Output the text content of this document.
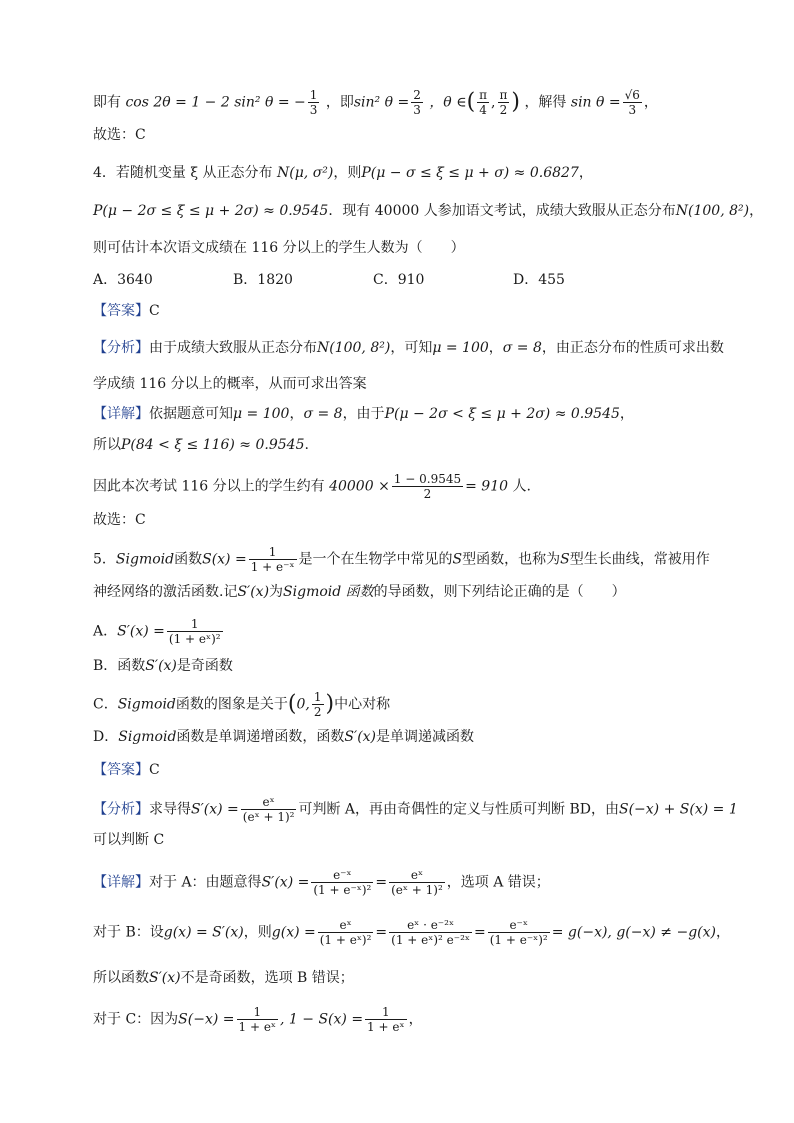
即有 cos 2θ = 1 − 2 sin² θ = − $\frac{1}{3}$ ，即sin² $\theta = \frac{2}{3}$ ，θ ∈( $\frac{\pi}{4}$ , $\frac{\pi}{2}$ ) ，解得 $\sin \theta = \frac{√6}{3}$ ，
故选：C
4．若随机变量 ξ 从正态分布 N(μ, σ²)，则P(μ − σ ≤ ξ ≤ μ + σ) ≈ 0.6827，
P(μ − 2σ ≤ ξ ≤ μ + 2σ) ≈ 0.9545．现有 40000 人参加语文考试，成绩大致服从正态分布N(100, 8²)，
则可估计本次语文成绩在 116 分以上的学生人数为（　　）
A．3640	B．1820	C．910	D．455
【答案】C
【分析】由于成绩大致服从正态分布N(100, 8²)，可知μ = 100，σ = 8，由正态分布的性质可求出数
学成绩 116 分以上的概率，从而可求出答案
【详解】依据题意可知μ = 100，σ = 8，由于P(μ − 2σ < ξ ≤ μ + 2σ) ≈ 0.9545，
所以P(84 < ξ ≤ 116) ≈ 0.9545.
因此本次考试 116 分以上的学生约有 $40000 \times \frac{1 - 0.9545}{2} = 910$ 人.
故选：C
5．Sigmoid函数$S(x) = \frac{1}{\text{1 + e⁻ˣ}}$ 是一个在生物学中常见的S型函数，也称为S型生长曲线，常被用作
神经网络的激活函数.记S′(x)为Sigmoid 函数的导函数，则下列结论正确的是（　　）
A．$S'(x) = \frac{1}{\text{(1 + eˣ)²}}$
B．函数S′(x)是奇函数
C．Sigmoid函数的图象是关于(0, $\frac{1}{2}$ )中心对称
D．Sigmoid函数是单调递增函数，函数S′(x)是单调递减函数
【答案】C
【分析】求导得$S'(x) = \frac{\text{eˣ}}{\text{(eˣ + 1)²}}$ 可判断 A，再由奇偶性的定义与性质可判断 BD，由S(−x) + S(x) = 1
可以判断 C
【详解】对于 A：由题意得$S'(x) = \frac{\text{e⁻ˣ}}{\text{(1 + e⁻ˣ)²}} = \frac{\text{eˣ}}{\text{(eˣ + 1)²}}$ ，选项 A 错误；
对于 B：设g(x) = S′(x)，则$g(x) = \frac{\text{eˣ}}{\text{(1 + eˣ)²}} = \frac{\text{eˣ · e⁻²ˣ}}{\text{(1 + eˣ)² e⁻²ˣ}} = \frac{\text{e⁻ˣ}}{\text{(1 + e⁻ˣ)²}} = g(-x)$, g(−x) ≠ −g(x)，
所以函数S′(x)不是奇函数，选项 B 错误；
对于 C：因为$S(-x) = \frac{1}{\text{1 + eˣ}}$ , $1 - S(x) = \frac{1}{\text{1 + eˣ}}$ ，
